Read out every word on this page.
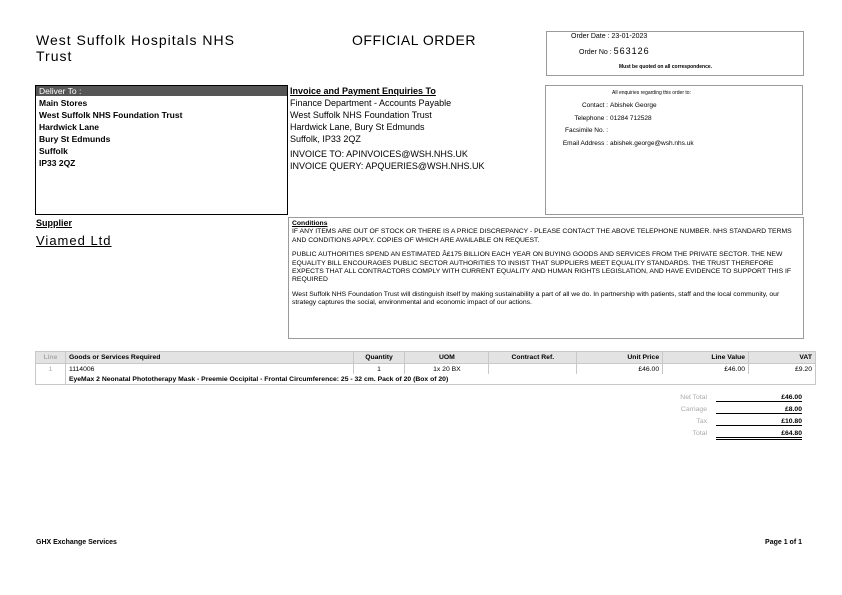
West Suffolk Hospitals NHS
Trust
OFFICIAL ORDER	Order Date : 23-01-2023
Order No : 563126
Must be quoted on all correspondence.
Deliver To :
Main Stores
West Suffolk NHS Foundation Trust
Hardwick Lane
Bury St Edmunds
Suffolk
IP33 2QZ
Invoice and Payment Enquiries To
Finance Department - Accounts Payable
West Suffolk NHS Foundation Trust
Hardwick Lane, Bury St Edmunds
Suffolk, IP33 2QZ
INVOICE TO: APINVOICES@WSH.NHS.UK
INVOICE QUERY: APQUERIES@WSH.NHS.UK
All enquiries regarding this order to:
Contact : Abishek George
Telephone : 01284 712528
Facsimile No. :
Email Address : abishek.george@wsh.nhs.uk
Supplier
Viamed Ltd
Conditions

IF ANY ITEMS ARE OUT OF STOCK OR THERE IS A PRICE DISCREPANCY - PLEASE CONTACT THE ABOVE TELEPHONE NUMBER. NHS STANDARD TERMS AND CONDITIONS APPLY. COPIES OF WHICH ARE AVAILABLE ON REQUEST.

PUBLIC AUTHORITIES SPEND AN ESTIMATED Â£175 BILLION EACH YEAR ON BUYING GOODS AND SERVICES FROM THE PRIVATE SECTOR. THE NEW EQUALITY BILL ENCOURAGES PUBLIC SECTOR AUTHORITIES TO INSIST THAT SUPPLIERS MEET EQUALITY STANDARDS. THE TRUST THEREFORE EXPECTS THAT ALL CONTRACTORS COMPLY WITH CURRENT EQUALITY AND HUMAN RIGHTS LEGISLATION, AND HAVE EVIDENCE TO SUPPORT THIS IF REQUIRED

West Suffolk NHS Foundation Trust will distinguish itself by making sustainability a part of all we do. In partnership with patients, staff and the local community, our strategy captures the social, environmental and economic impact of our actions.

Line	Goods or Services Required	Quantity	UOM	Contract Ref.	Unit Price	Line Value	VAT
1	1114006	1	1x 20 BX		£46.00	£46.00	£9.20
	EyeMax 2 Neonatal Phototherapy Mask - Preemie Occipital - Frontal Circumference: 25 - 32 cm. Pack of 20 (Box of 20)						
Net Total	£46.00
Carriage	£8.00
Tax	£10.80
Total	£64.80
GHX Exchange Services	Page 1 of 1
